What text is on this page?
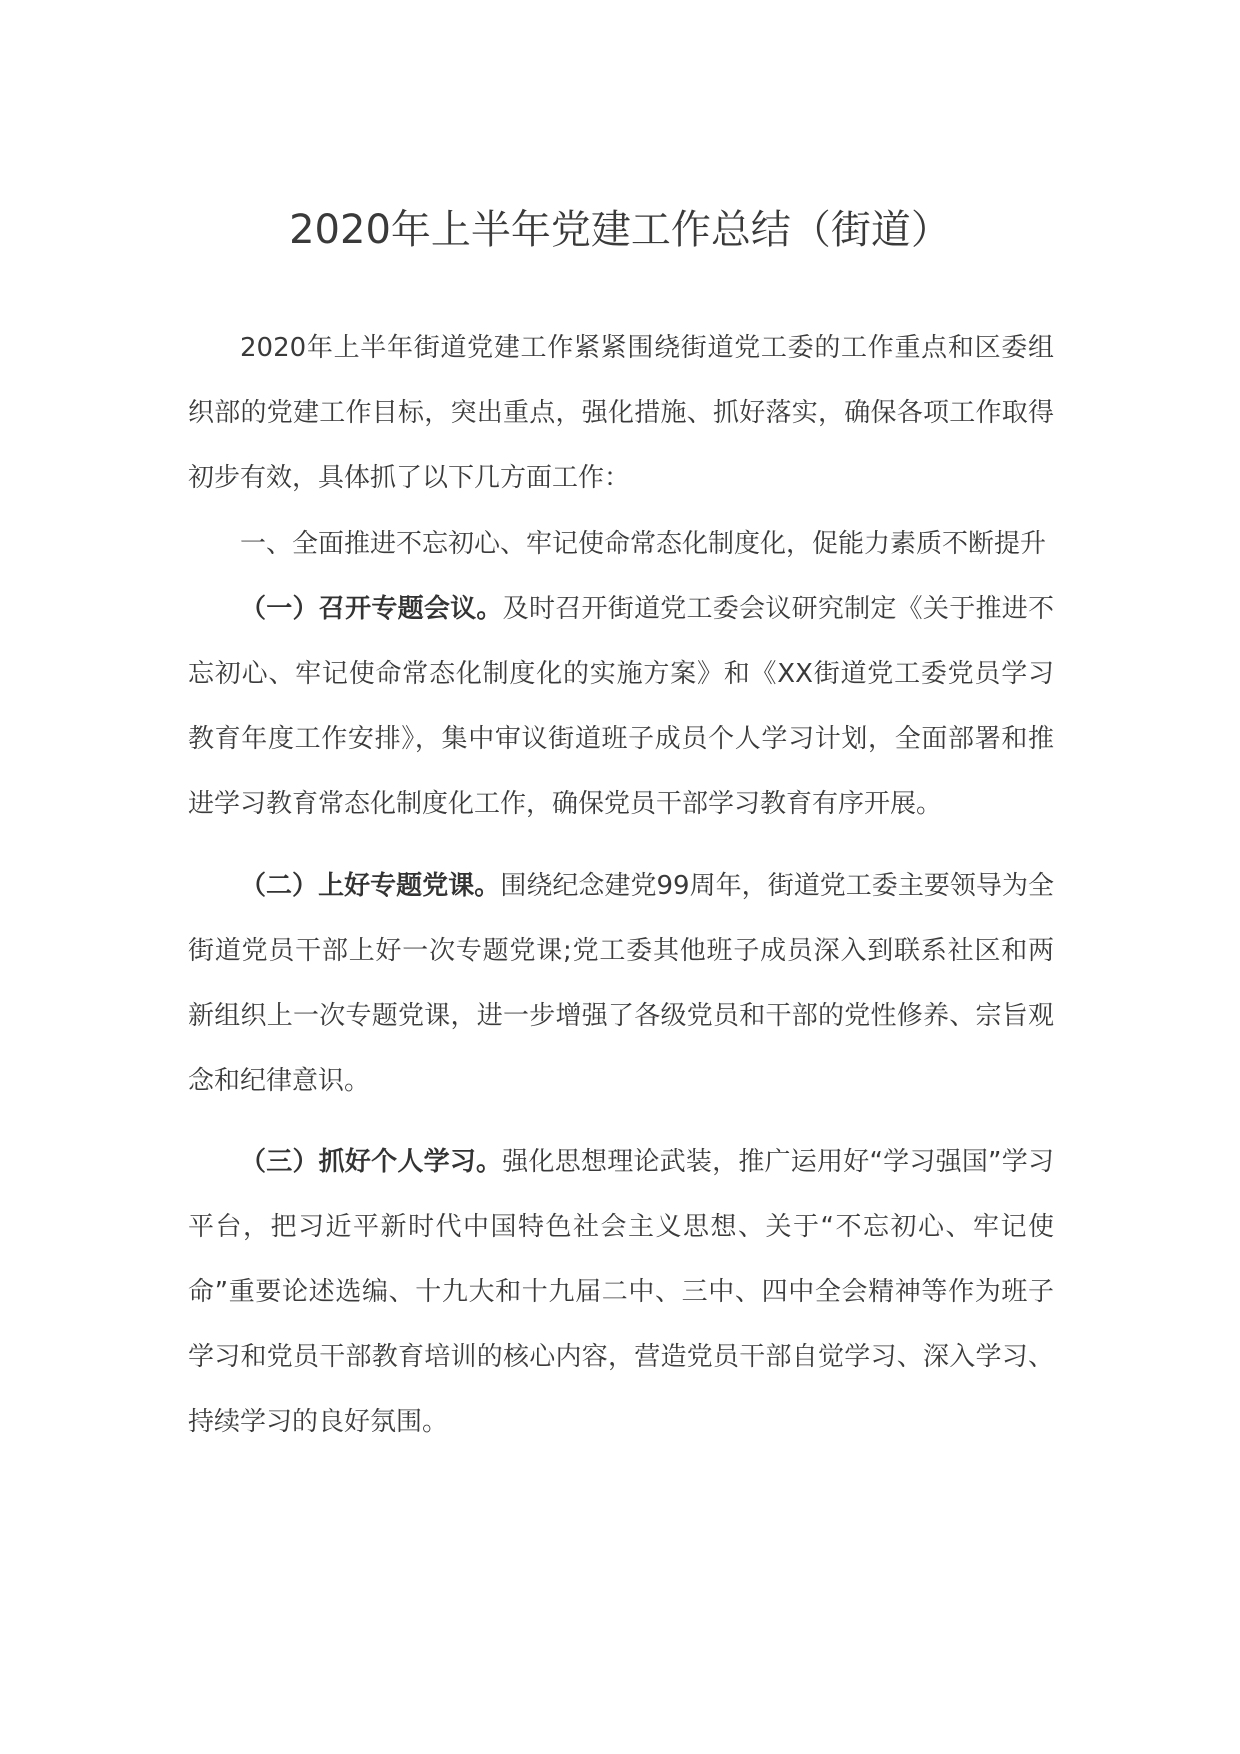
2020年上半年党建工作总结（街道）

2020年上半年街道党建工作紧紧围绕街道党工委的工作重点和区委组织部的党建工作目标，突出重点，强化措施、抓好落实，确保各项工作取得初步有效，具体抓了以下几方面工作：

一、全面推进不忘初心、牢记使命常态化制度化，促能力素质不断提升

（一）召开专题会议。及时召开街道党工委会议研究制定《关于推进不忘初心、牢记使命常态化制度化的实施方案》和《XX街道党工委党员学习教育年度工作安排》，集中审议街道班子成员个人学习计划，全面部署和推进学习教育常态化制度化工作，确保党员干部学习教育有序开展。

（二）上好专题党课。围绕纪念建党99周年，街道党工委主要领导为全街道党员干部上好一次专题党课;党工委其他班子成员深入到联系社区和两新组织上一次专题党课，进一步增强了各级党员和干部的党性修养、宗旨观念和纪律意识。

（三）抓好个人学习。强化思想理论武装，推广运用好“学习强国”学习平台，把习近平新时代中国特色社会主义思想、关于“不忘初心、牢记使命”重要论述选编、十九大和十九届二中、三中、四中全会精神等作为班子学习和党员干部教育培训的核心内容，营造党员干部自觉学习、深入学习、持续学习的良好氛围。
